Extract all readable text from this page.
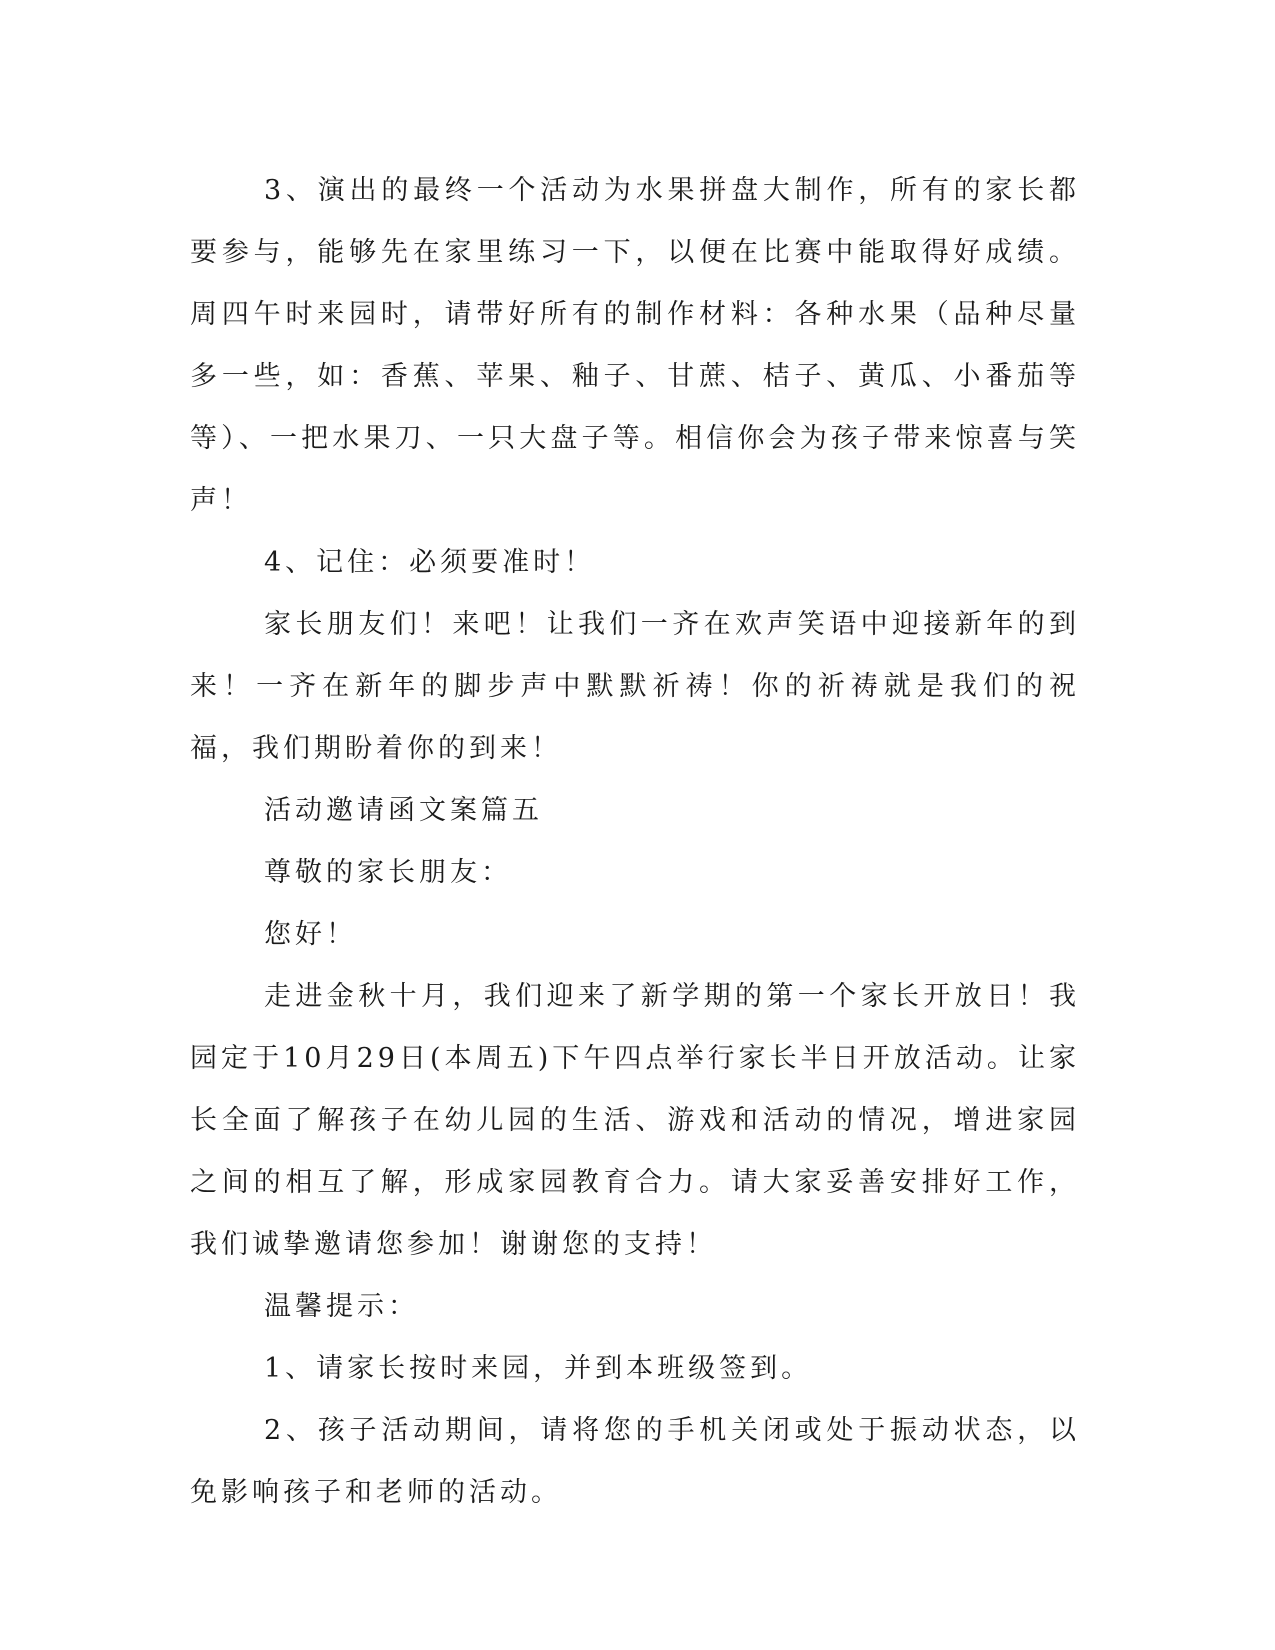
3、演出的最终一个活动为水果拼盘大制作，所有的家长都要参与，能够先在家里练习一下，以便在比赛中能取得好成绩。周四午时来园时，请带好所有的制作材料：各种水果（品种尽量多一些，如：香蕉、苹果、釉子、甘蔗、桔子、黄瓜、小番茄等等）、一把水果刀、一只大盘子等。相信你会为孩子带来惊喜与笑声！

4、记住：必须要准时！

家长朋友们！来吧！让我们一齐在欢声笑语中迎接新年的到来！一齐在新年的脚步声中默默祈祷！你的祈祷就是我们的祝福，我们期盼着你的到来！

活动邀请函文案篇五

尊敬的家长朋友：

您好！

走进金秋十月，我们迎来了新学期的第一个家长开放日！我园定于10月29日(本周五)下午四点举行家长半日开放活动。让家长全面了解孩子在幼儿园的生活、游戏和活动的情况，增进家园之间的相互了解，形成家园教育合力。请大家妥善安排好工作，我们诚挚邀请您参加！谢谢您的支持！

温馨提示：

1、请家长按时来园，并到本班级签到。

2、孩子活动期间，请将您的手机关闭或处于振动状态，以免影响孩子和老师的活动。
